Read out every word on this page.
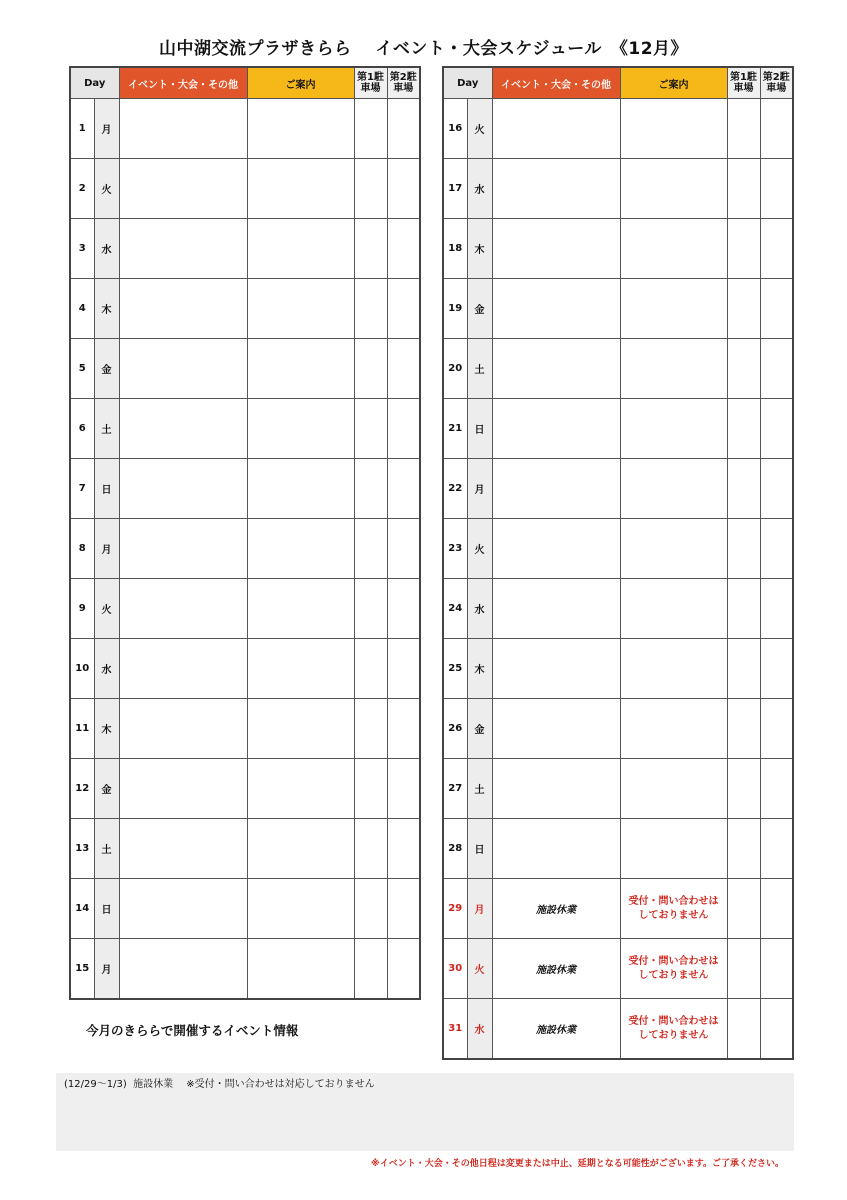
山中湖交流プラザきらら　 イベント・大会スケジュール　《12月》
Day		イベント・大会・その他	ご案内	第1駐車場	第2駐車場
1	月				
2	火				
3	水				
4	木				
5	金				
6	土				
7	日				
8	月				
9	火				
10	水				
11	木				
12	金				
13	土				
14	日				
15	月				
Day		イベント・大会・その他	ご案内	第1駐車場	第2駐車場
16	火				
17	水				
18	木				
19	金				
20	土				
21	日				
22	月				
23	火				
24	水				
25	木				
26	金				
27	土				
28	日				
29	月	施設休業	受付・問い合わせは
しておりません		

30	火	施設休業	受付・問い合わせは
しておりません		

31	水	施設休業	受付・問い合わせは
しておりません		

今月のきららで開催するイベント情報
(12/29〜1/3)  施設休業　 ※受付・問い合わせは対応しておりません
※イベント・大会・その他日程は変更または中止、延期となる可能性がございます。ご了承ください。
